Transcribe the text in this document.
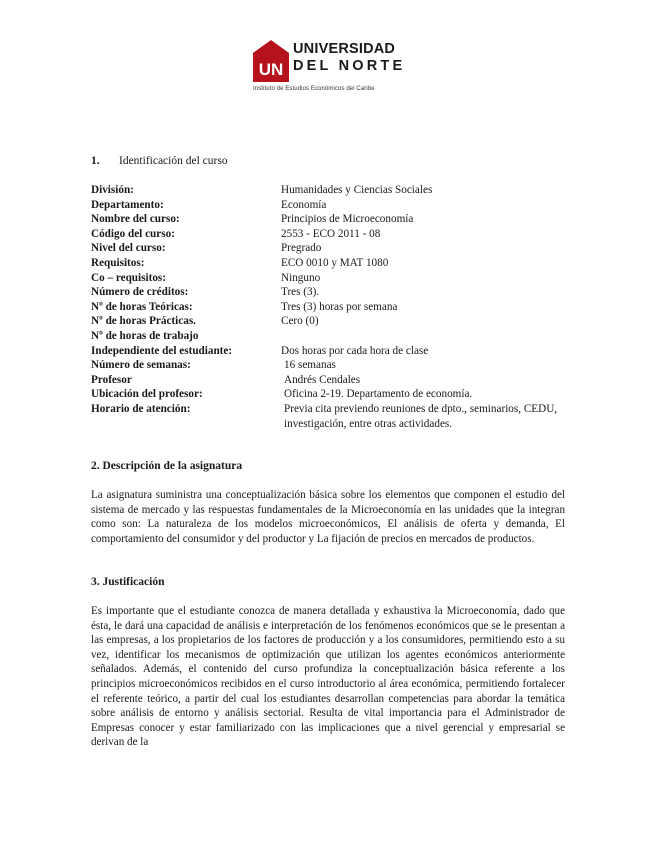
UN
UNIVERSIDAD
DEL NORTE
Instituto de Estudios Económicos del Caribe
1. Identificación del curso
División:	Humanidades y Ciencias Sociales
Departamento:	Economía
Nombre del curso:	Principios de Microeconomía
Código del curso:	2553 - ECO 2011 - 08
Nivel del curso:	Pregrado
Requisitos:	ECO 0010 y MAT 1080
Co – requisitos:	Ninguno
Número de créditos:	Tres (3).
Nº de horas Teóricas:	Tres (3) horas por semana
Nº de horas Prácticas.	Cero (0)
Nº de horas de trabajo
Independiente del estudiante:	Dos horas por cada hora de clase
Número de semanas:	16 semanas
Profesor	Andrés Cendales
Ubicación del profesor:	Oficina 2-19. Departamento de economía.
Horario de atención:	Previa cita previendo reuniones de dpto., seminarios, CEDU, investigación, entre otras actividades.
2. Descripción de la asignatura
La asignatura suministra una conceptualización básica sobre los elementos que componen el estudio del sistema de mercado y las respuestas fundamentales de la Microeconomía en las unidades que la integran como son: La naturaleza de los modelos microeconómicos, El análisis de oferta y demanda, El comportamiento del consumidor y del productor y La fijación de precios en mercados de productos.
3. Justificación
Es importante que el estudiante conozca de manera detallada y exhaustiva la Microeconomía, dado que ésta, le dará una capacidad de análisis e interpretación de los fenómenos económicos que se le presentan a las empresas, a los propietarios de los factores de producción y a los consumidores, permitiendo esto a su vez, identificar los mecanismos de optimización que utilizan los agentes económicos anteriormente señalados. Además, el contenido del curso profundiza la conceptualización básica referente a los principios microeconómicos recibidos en el curso introductorio al área económica, permitiendo fortalecer el referente teórico, a partir del cual los estudiantes desarrollan competencias para abordar la temática sobre análisis de entorno y análisis sectorial. Resulta de vital importancia para el Administrador de Empresas conocer y estar familiarizado con las implicaciones que a nivel gerencial y empresarial se derivan de la
